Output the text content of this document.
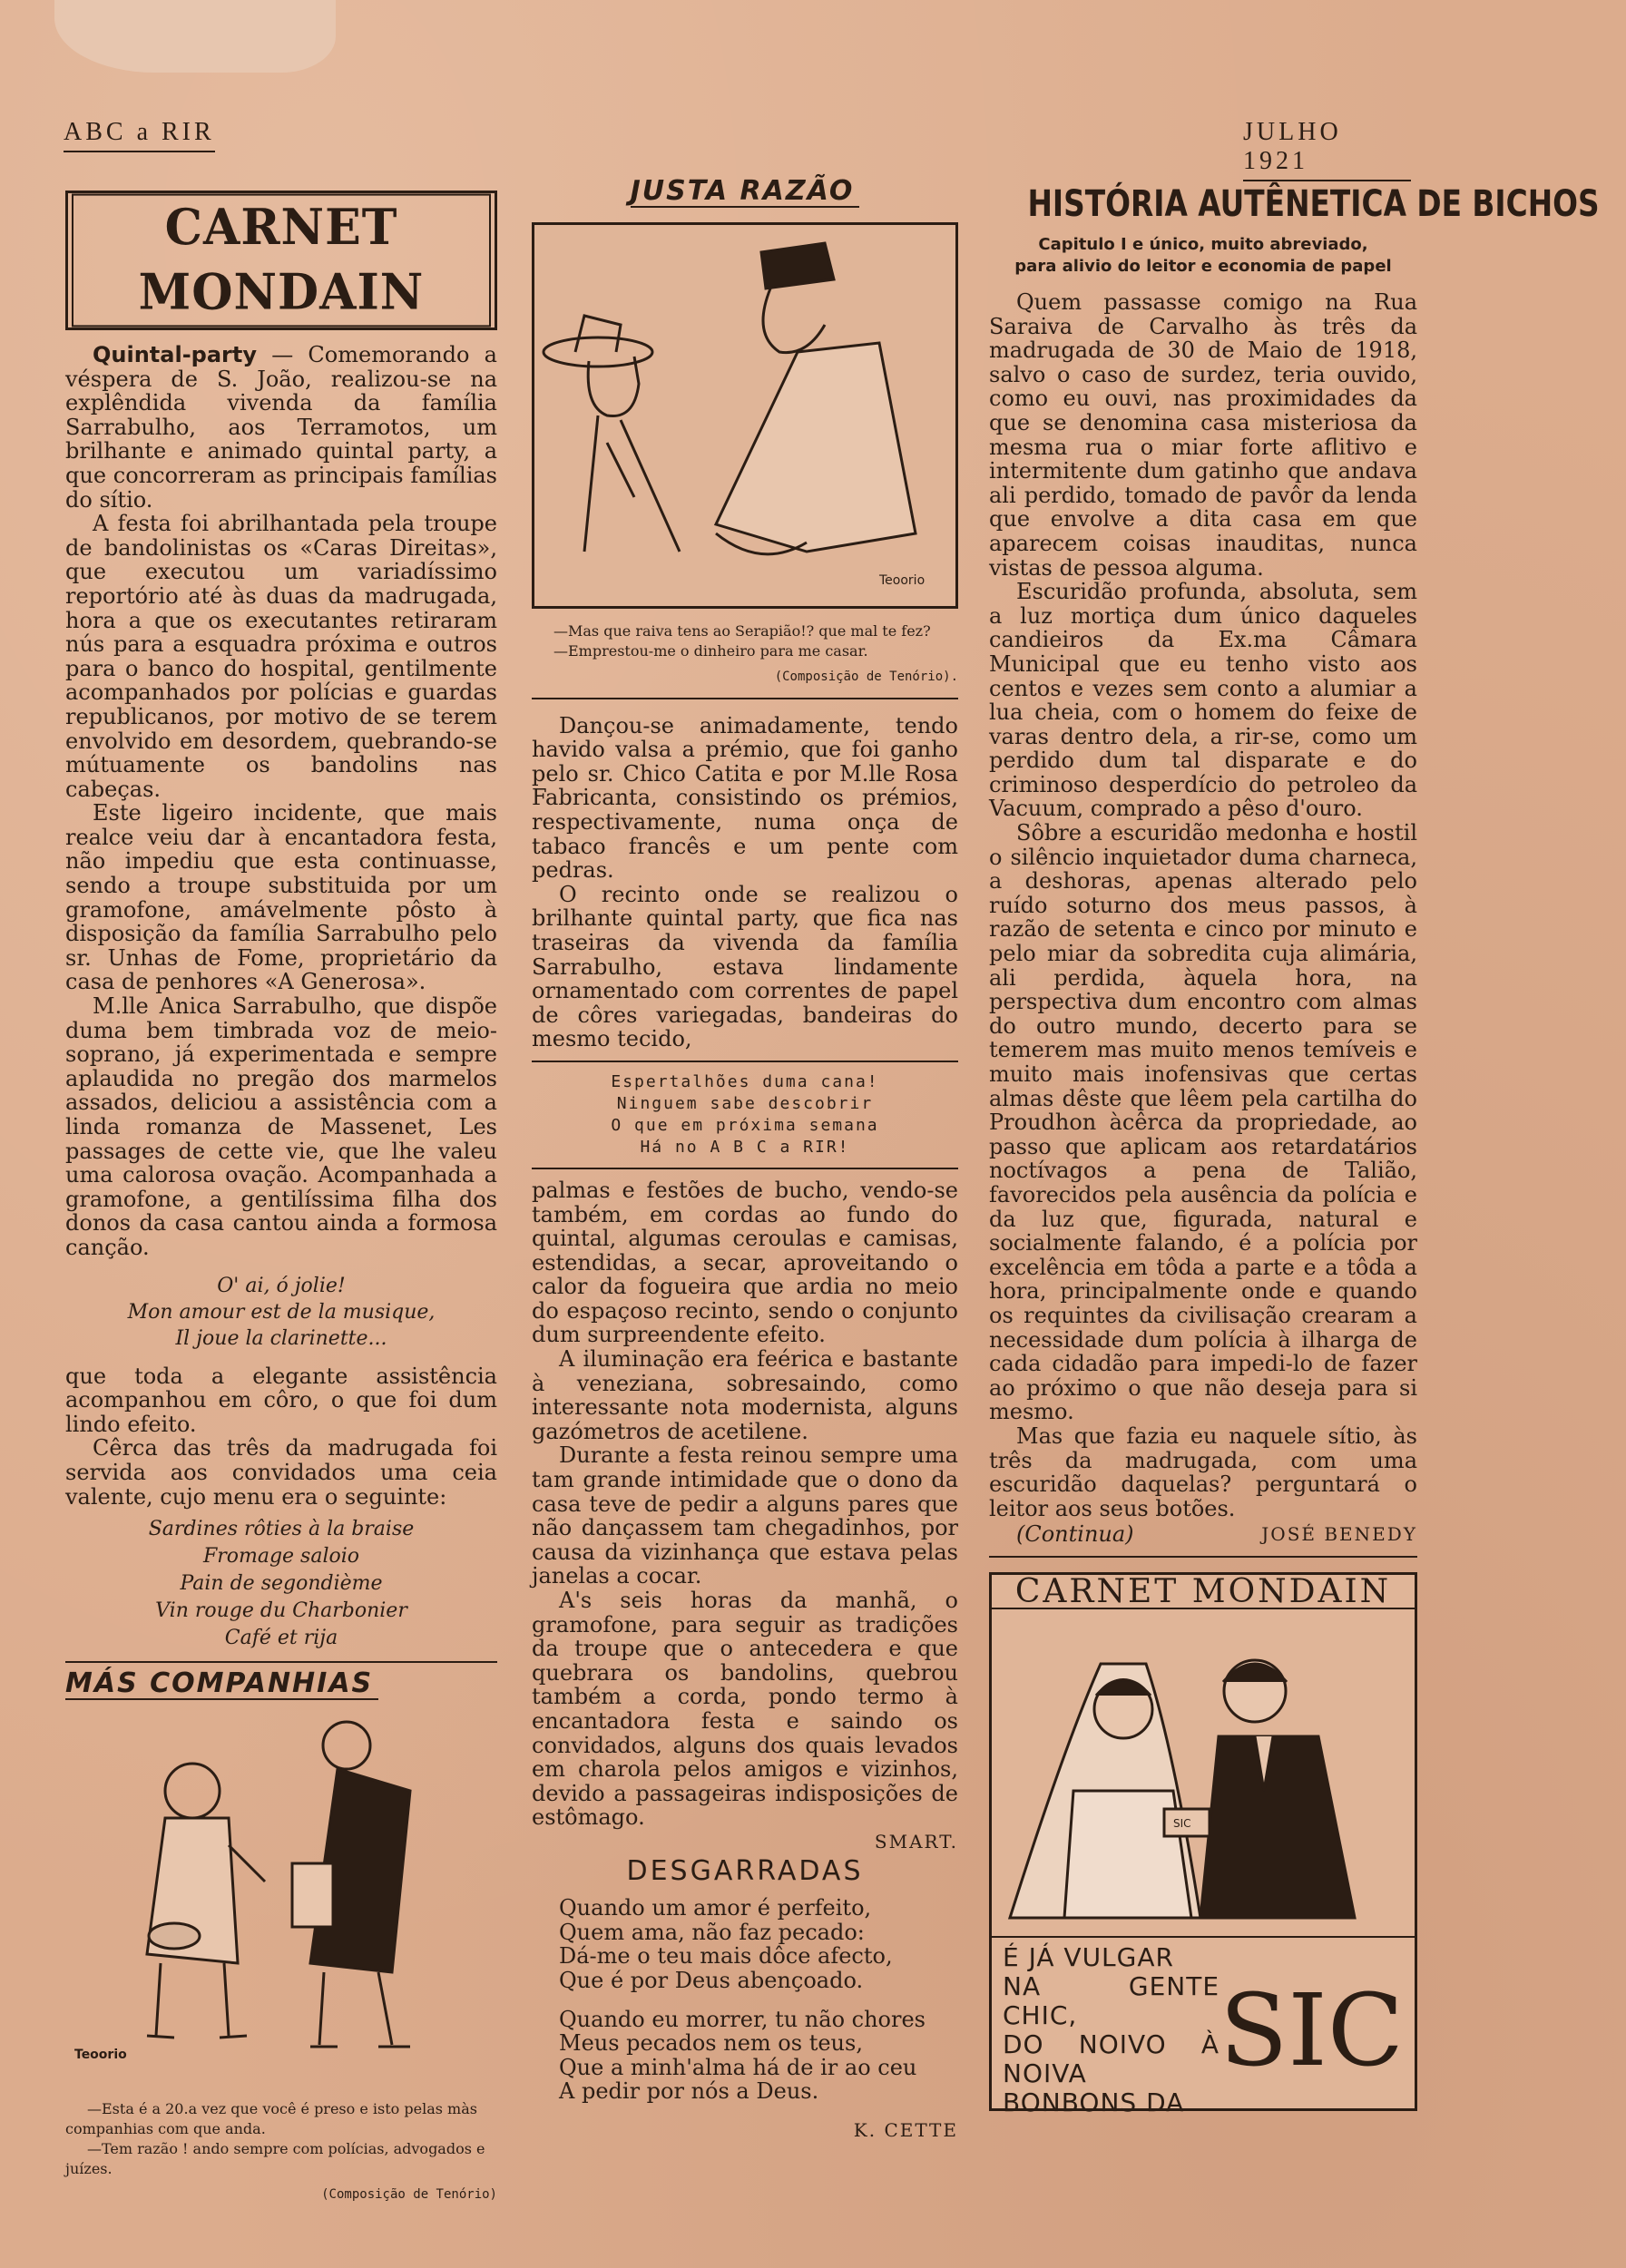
ABC a RIR	JULHO 1921
CARNET MONDAIN

Quintal-party — Comemorando a véspera de S. João, realizou-se na explêndida vivenda da família Sarrabulho, aos Terramotos, um brilhante e animado quintal party, a que concorreram as principais famílias do sítio.

A festa foi abrilhantada pela troupe de bandolinistas os «Caras Direitas», que executou um variadíssimo reportório até às duas da madrugada, hora a que os executantes retiraram nús para a esquadra próxima e outros para o banco do hospital, gentilmente acompanhados por polícias e guardas republicanos, por motivo de se terem envolvido em desordem, quebrando-se mútuamente os bandolins nas cabeças.

Este ligeiro incidente, que mais realce veiu dar à encantadora festa, não impediu que esta continuasse, sendo a troupe substituida por um gramofone, amávelmente pôsto à disposição da família Sarrabulho pelo sr. Unhas de Fome, proprietário da casa de penhores «A Generosa».

M.lle Anica Sarrabulho, que dispõe duma bem timbrada voz de meio-soprano, já experimentada e sempre aplaudida no pregão dos marmelos assados, deliciou a assistência com a linda romanza de Massenet, Les passages de cette vie, que lhe valeu uma calorosa ovação. Acompanhada a gramofone, a gentilíssima filha dos donos da casa cantou ainda a formosa canção.

O' ai, ó jolie!
Mon amour est de la musique,
Il joue la clarinette...

que toda a elegante assistência acompanhou em côro, o que foi dum lindo efeito.

Cêrca das três da madrugada foi servida aos convidados uma ceia valente, cujo menu era o seguinte:

Sardines rôties à la braise
Fromage saloio
Pain de segondième
Vin rouge du Charbonier
Café et rija
MÁS COMPANHIAS
Teoorio

—Esta é a 20.a vez que você é preso e isto pelas màs companhias com que anda.

—Tem razão ! ando sempre com polícias, advogados e juízes.

(Composição de Tenório)
JUSTA RAZÃO
Teoorio

—Mas que raiva tens ao Serapião!? que mal te fez?

—Emprestou-me o dinheiro para me casar.

(Composição de Tenório).

Dançou-se animadamente, tendo havido valsa a prémio, que foi ganho pelo sr. Chico Catita e por M.lle Rosa Fabricanta, consistindo os prémios, respectivamente, numa onça de tabaco francês e um pente com pedras.

O recinto onde se realizou o brilhante quintal party, que fica nas traseiras da vivenda da família Sarrabulho, estava lindamente ornamentado com correntes de papel de côres variegadas, bandeiras do mesmo tecido,

Espertalhões duma cana!
Ninguem sabe descobrir
O que em próxima semana
Há no A B C a RIR!

palmas e festões de bucho, vendo-se também, em cordas ao fundo do quintal, algumas ceroulas e camisas, estendidas, a secar, aproveitando o calor da fogueira que ardia no meio do espaçoso recinto, sendo o conjunto dum surpreendente efeito.

A iluminação era feérica e bastante à veneziana, sobresaindo, como interessante nota modernista, alguns gazómetros de acetilene.

Durante a festa reinou sempre uma tam grande intimidade que o dono da casa teve de pedir a alguns pares que não dançassem tam chegadinhos, por causa da vizinhança que estava pelas janelas a cocar.

A's seis horas da manhã, o gramofone, para seguir as tradições da troupe que o antecedera e que quebrara os bandolins, quebrou também a corda, pondo termo à encantadora festa e saindo os convidados, alguns dos quais levados em charola pelos amigos e vizinhos, devido a passageiras indisposições de estômago.

SMART.
DESGARRADAS

Quando um amor é perfeito,

Quem ama, não faz pecado:

Dá-me o teu mais dôce afecto,

Que é por Deus abençoado.

Quando eu morrer, tu não chores

Meus pecados nem os teus,

Que a minh'alma há de ir ao ceu

A pedir por nós a Deus.

K. CETTE
HISTÓRIA AUTÊNETICA DE BICHOS
Capitulo I e único, muito abreviado,
para alivio do leitor e economia de papel

Quem passasse comigo na Rua Saraiva de Carvalho às três da madrugada de 30 de Maio de 1918, salvo o caso de surdez, teria ouvido, como eu ouvi, nas proximidades da que se denomina casa misteriosa da mesma rua o miar forte aflitivo e intermitente dum gatinho que andava ali perdido, tomado de pavôr da lenda que envolve a dita casa em que aparecem coisas inauditas, nunca vistas de pessoa alguma.

Escuridão profunda, absoluta, sem a luz mortiça dum único daqueles candieiros da Ex.ma Câmara Municipal que eu tenho visto aos centos e vezes sem conto a alumiar a lua cheia, com o homem do feixe de varas dentro dela, a rir-se, como um perdido dum tal disparate e do criminoso desperdício do petroleo da Vacuum, comprado a pêso d'ouro.

Sôbre a escuridão medonha e hostil o silêncio inquietador duma charneca, a deshoras, apenas alterado pelo ruído soturno dos meus passos, à razão de setenta e cinco por minuto e pelo miar da sobredita cuja alimária, ali perdida, àquela hora, na perspectiva dum encontro com almas do outro mundo, decerto para se temerem mas muito menos temíveis e muito mais inofensivas que certas almas dêste que lêem pela cartilha do Proudhon àcêrca da propriedade, ao passo que aplicam aos retardatários noctívagos a pena de Talião, favorecidos pela ausência da polícia e da luz que, figurada, natural e socialmente falando, é a polícia por excelência em tôda a parte e a tôda a hora, principalmente onde e quando os requintes da civilisação crearam a necessidade dum polícia à ilharga de cada cidadão para impedi-lo de fazer ao próximo o que não deseja para si mesmo.

Mas que fazia eu naquele sítio, às três da madrugada, com uma escuridão daquelas? perguntará o leitor aos seus botões.

(Continua)	JOSÉ BENEDY
CARNET MONDAIN
SIC
É JÁ VULGAR
NA GENTE CHIC,
DO NOIVO À NOIVA
BONBONS DA
SIC
